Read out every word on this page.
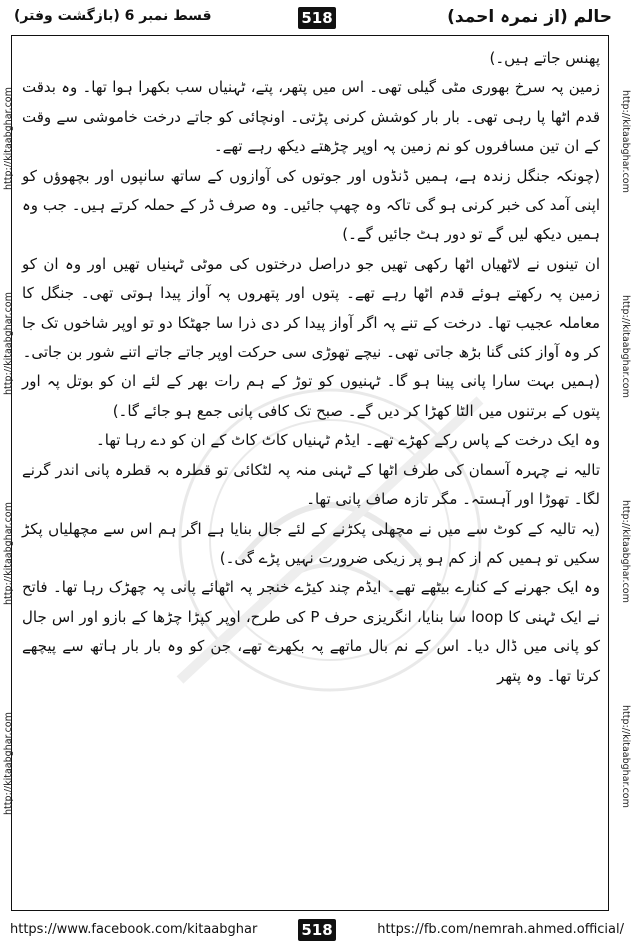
قسط نمبر 6 (بازگشت وفتر)	518	حالم (از نمرہ احمد)
http://kitaabghar.com
http://kitaabghar.com
http://kitaabghar.com
http://kitaabghar.com
http://kitaabghar.com
http://kitaabghar.com
http://kitaabghar.com
http://kitaabghar.com

پھنس جاتے ہیں۔)

زمین پہ سرخ بھوری مٹی گیلی تھی۔ اس میں پتھر، پتے، ٹہنیاں سب بکھرا ہوا تھا۔ وہ بدقت قدم اٹھا پا رہی تھی۔ بار بار کوشش کرنی پڑتی۔ اونچائی کو جاتے درخت خاموشی سے وقت کے ان تین مسافروں کو نم زمین پہ اوپر چڑھتے دیکھ رہے تھے۔

(چونکہ جنگل زندہ ہے، ہمیں ڈنڈوں اور جوتوں کی آوازوں کے ساتھ سانپوں اور بچھوؤں کو اپنی آمد کی خبر کرنی ہو گی تاکہ وہ چھپ جائیں۔ وہ صرف ڈر کے حملہ کرتے ہیں۔ جب وہ ہمیں دیکھ لیں گے تو دور ہٹ جائیں گے۔)

ان تینوں نے لاٹھیاں اٹھا رکھی تھیں جو دراصل درختوں کی موٹی ٹہنیاں تھیں اور وہ ان کو زمین پہ رکھتے ہوئے قدم اٹھا رہے تھے۔ پتوں اور پتھروں پہ آواز پیدا ہوتی تھی۔ جنگل کا معاملہ عجیب تھا۔ درخت کے تنے پہ اگر آواز پیدا کر دی ذرا سا جھٹکا دو تو اوپر شاخوں تک جا کر وہ آواز کئی گنا بڑھ جاتی تھی۔ نیچے تھوڑی سی حرکت اوپر جاتے جاتے اتنے شور بن جاتی۔

(ہمیں بہت سارا پانی پینا ہو گا۔ ٹہنیوں کو توڑ کے ہم رات بھر کے لئے ان کو بوتل پہ اور پتوں کے برتنوں میں الٹا کھڑا کر دیں گے۔ صبح تک کافی پانی جمع ہو جائے گا۔)

وہ ایک درخت کے پاس رکے کھڑے تھے۔ ایڈم ٹہنیاں کاٹ کاٹ کے ان کو دے رہا تھا۔

تالیہ نے چہرہ آسمان کی طرف اٹھا کے ٹہنی منہ پہ لٹکائی تو قطرہ بہ قطرہ پانی اندر گرنے لگا۔ تھوڑا اور آہستہ۔ مگر تازہ صاف پانی تھا۔

(یہ تالیہ کے کوٹ سے میں نے مچھلی پکڑنے کے لئے جال بنایا ہے اگر ہم اس سے مچھلیاں پکڑ سکیں تو ہمیں کم از کم ہو پر زیکی ضرورت نہیں پڑے گی۔)

وہ ایک جھرنے کے کنارے بیٹھے تھے۔ ایڈم چند کیڑے خنجر پہ اٹھائے پانی پہ چھڑک رہا تھا۔ فاتح نے ایک ٹہنی کا loop سا بنایا، انگریزی حرف P کی طرح، اوپر کپڑا چڑھا کے بازو اور اس جال کو پانی میں ڈال دیا۔ اس کے نم بال ماتھے پہ بکھرے تھے، جن کو وہ بار بار ہاتھ سے پیچھے کرتا تھا۔ وہ پتھر

https://www.facebook.com/kitaabghar	518	https://fb.com/nemrah.ahmed.official/
